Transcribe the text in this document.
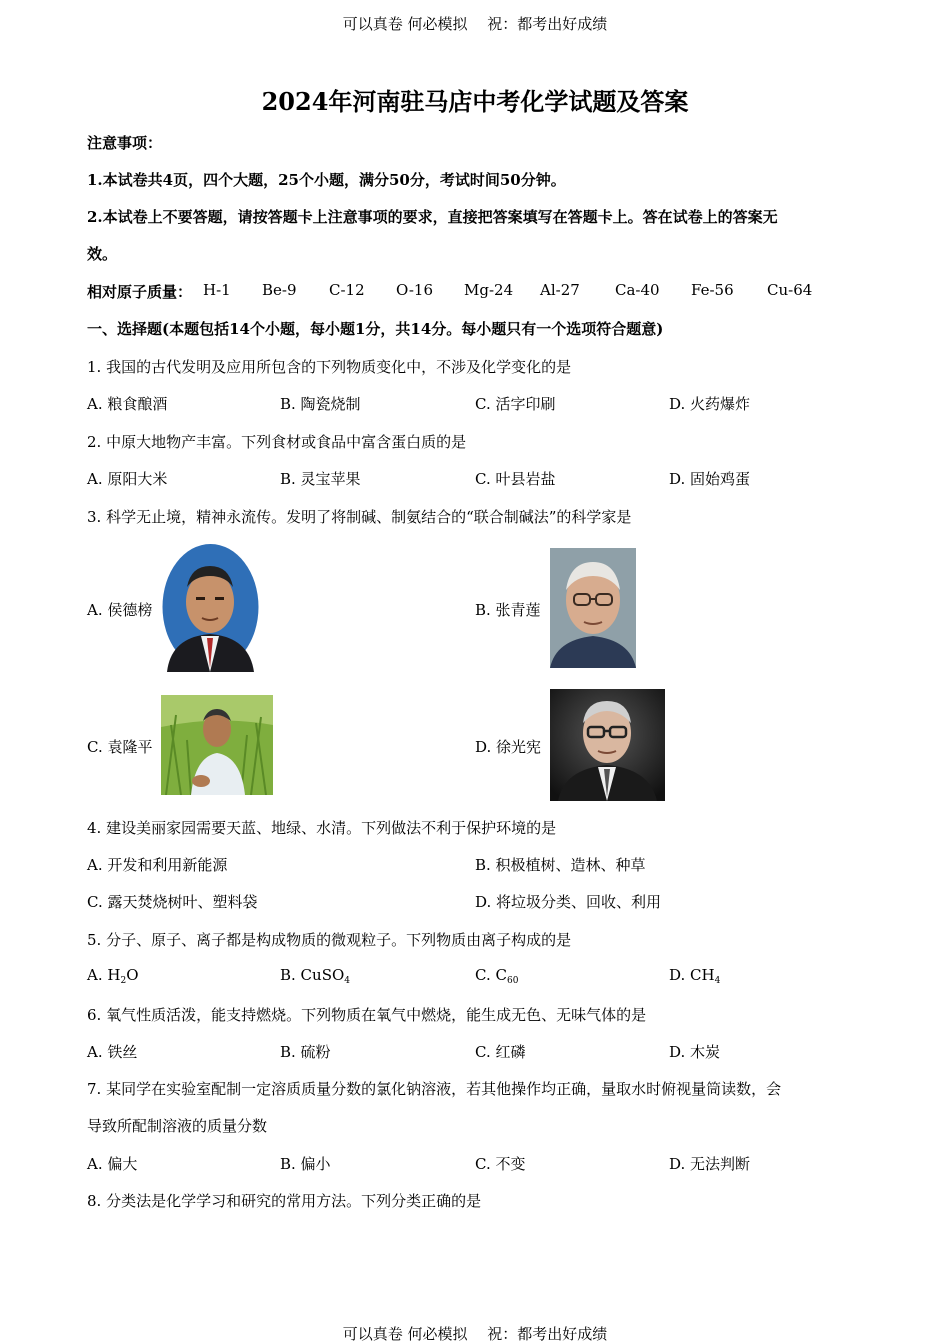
可以真卷 何必模拟　 祝：都考出好成绩
可以真卷 何必模拟　 祝：都考出好成绩
2024年河南驻马店中考化学试题及答案
注意事项：
1.本试卷共4页，四个大题，25个小题，满分50分，考试时间50分钟。
2.本试卷上不要答题，请按答题卡上注意事项的要求，直接把答案填写在答题卡上。答在试卷上的答案无
效。
相对原子质量： H-1 Be-9 C-12 O-16 Mg-24 Al-27 Ca-40 Fe-56 Cu-64
一、选择题(本题包括14个小题，每小题1分，共14分。每小题只有一个选项符合题意)
1. 我国的古代发明及应用所包含的下列物质变化中，不涉及化学变化的是
A. 粮食酿酒	B. 陶瓷烧制	C. 活字印刷	D. 火药爆炸
2. 中原大地物产丰富。下列食材或食品中富含蛋白质的是
A. 原阳大米	B. 灵宝苹果	C. 叶县岩盐	D. 固始鸡蛋
3. 科学无止境，精神永流传。发明了将制碱、制氨结合的“联合制碱法”的科学家是
A. 侯德榜	B. 张青莲
C. 袁隆平	D. 徐光宪
4. 建设美丽家园需要天蓝、地绿、水清。下列做法不利于保护环境的是
A. 开发和利用新能源	B. 积极植树、造林、种草
C. 露天焚烧树叶、塑料袋	D. 将垃圾分类、回收、利用
5. 分子、原子、离子都是构成物质的微观粒子。下列物质由离子构成的是
A. $H_2O$	B. CuSO$_4$	C. $C_{60}$	D. $CH_4$
6. 氧气性质活泼，能支持燃烧。下列物质在氧气中燃烧，能生成无色、无味气体的是
A. 铁丝	B. 硫粉	C. 红磷	D. 木炭
7. 某同学在实验室配制一定溶质质量分数的氯化钠溶液，若其他操作均正确，量取水时俯视量筒读数，会
导致所配制溶液的质量分数
A. 偏大	B. 偏小	C. 不变	D. 无法判断
8. 分类法是化学学习和研究的常用方法。下列分类正确的是
